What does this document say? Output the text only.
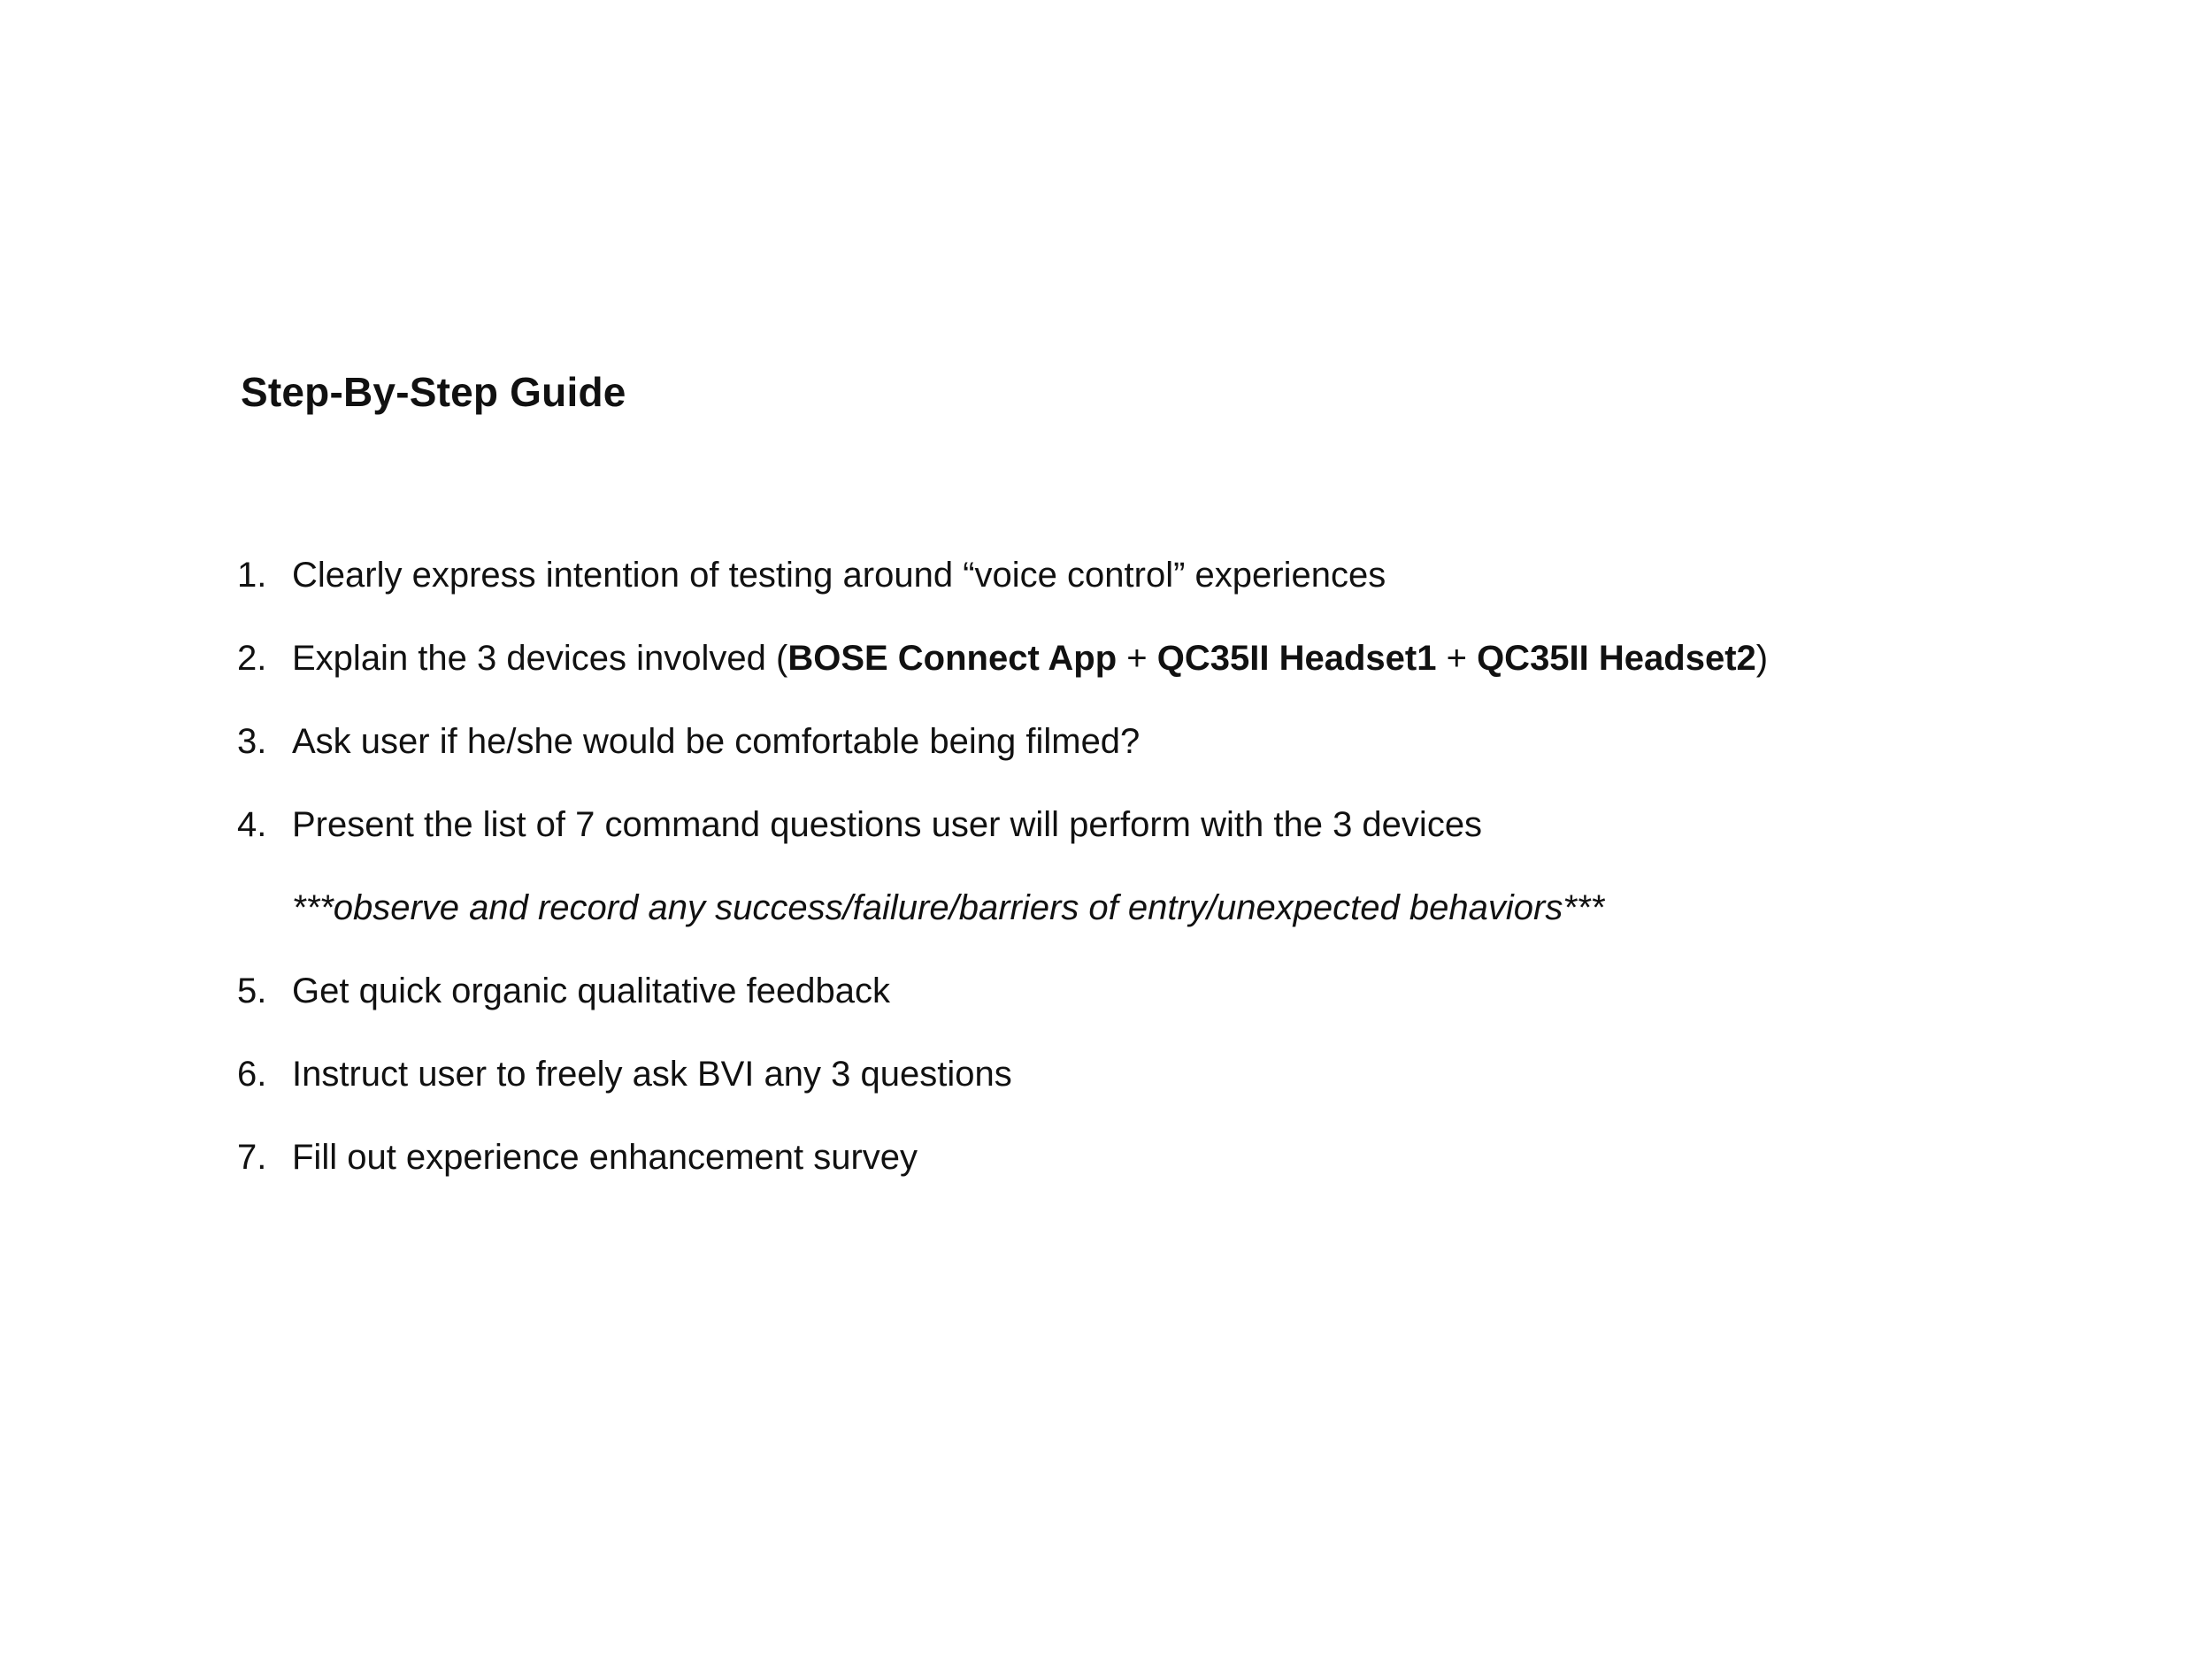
Step-By-Step Guide
1. Clearly express intention of testing around “voice control” experiences
2. Explain the 3 devices involved (BOSE Connect App + QC35II Headset1 + QC35II Headset2)
3. Ask user if he/she would be comfortable being filmed?
4. Present the list of 7 command questions user will perform with the 3 devices
***observe and record any success/failure/barriers of entry/unexpected behaviors***
5. Get quick organic qualitative feedback
6. Instruct user to freely ask BVI any 3 questions
7. Fill out experience enhancement survey
